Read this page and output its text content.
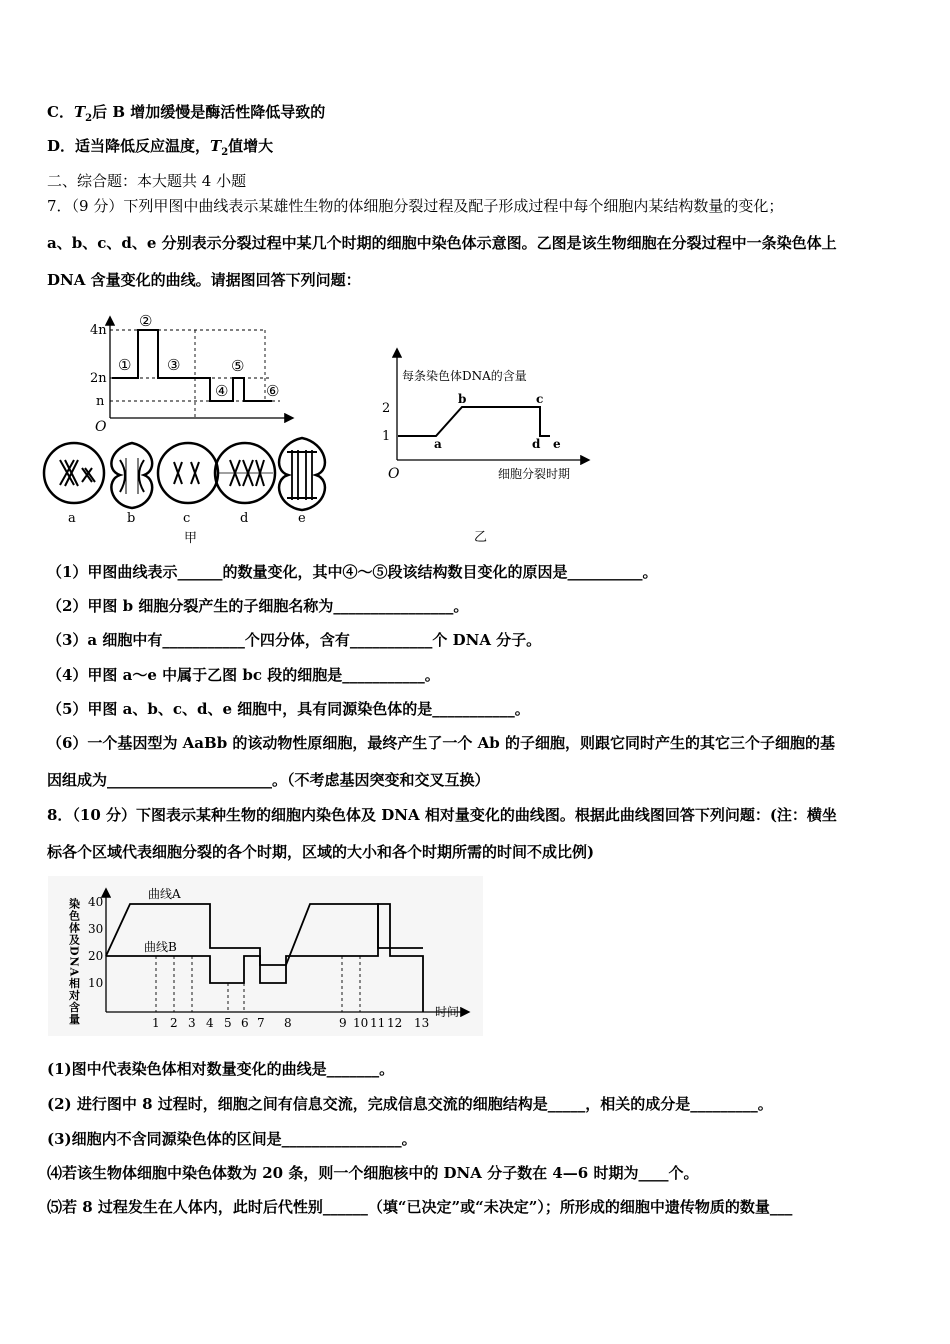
C．$T_2$后 B 增加缓慢是酶活性降低导致的
D．适当降低反应温度，$T_2$值增大
二、综合题：本大题共 4 小题
7．（9 分）下列甲图中曲线表示某雄性生物的体细胞分裂过程及配子形成过程中每个细胞内某结构数量的变化；
a、b、c、d、e 分别表示分裂过程中某几个时期的细胞中染色体示意图。乙图是该生物细胞在分裂过程中一条染色体上
DNA 含量变化的曲线。请据图回答下列问题：
4n
2n
n
O
①
②
③
④
⑤
⑥
a	b	c	d	e
甲
每条染色体DNA的含量
2
1
O	细胞分裂时期
a
b	c
d e
乙
（1）甲图曲线表示______的数量变化，其中④～⑤段该结构数目变化的原因是__________。
（2）甲图 b 细胞分裂产生的子细胞名称为________________。
（3）a 细胞中有___________个四分体，含有___________个 DNA 分子。
（4）甲图 a～e 中属于乙图 bc 段的细胞是___________。
（5）甲图 a、b、c、d、e 细胞中，具有同源染色体的是___________。
（6）一个基因型为 AaBb 的该动物性原细胞，最终产生了一个 Ab 的子细胞，则跟它同时产生的其它三个子细胞的基
因组成为______________________。（不考虑基因突变和交叉互换）
8．（10 分）下图表示某种生物的细胞内染色体及 DNA 相对量变化的曲线图。根据此曲线图回答下列问题：(注：横坐
标各个区域代表细胞分裂的各个时期，区域的大小和各个时期所需的时间不成比例)
染色体及DNA相对含量 40
30
20
10
曲线A
曲线B
1 2 3 4 5 6 7 8	9 10 11 12 13
时间
(1)图中代表染色体相对数量变化的曲线是_______。
(2) 进行图中 8 过程时，细胞之间有信息交流，完成信息交流的细胞结构是_____，相关的成分是_________。
(3)细胞内不含同源染色体的区间是________________。
⑷若该生物体细胞中染色体数为 20 条，则一个细胞核中的 DNA 分子数在 4—6 时期为____个。
⑸若 8 过程发生在人体内，此时后代性别______（填“已决定”或“未决定”）；所形成的细胞中遗传物质的数量___
